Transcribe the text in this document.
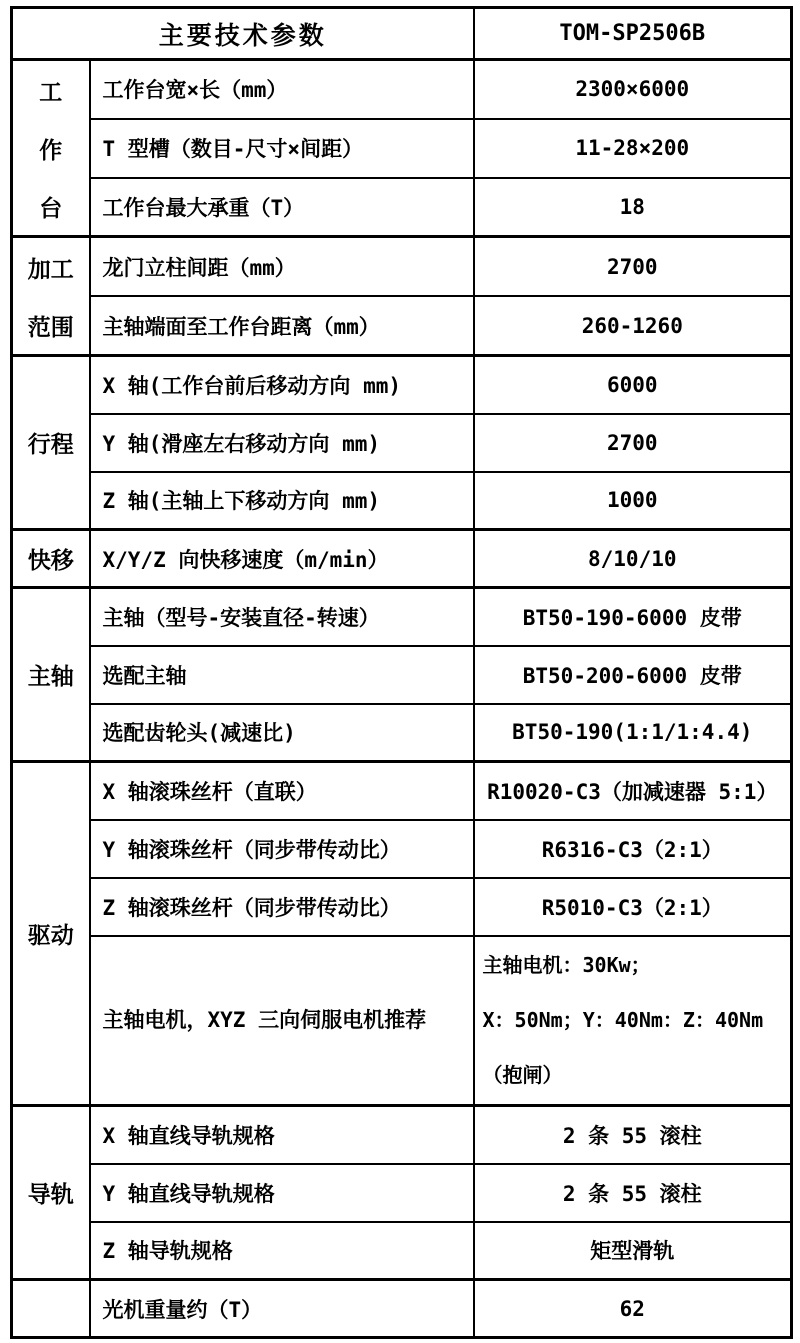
主要技术参数		TOM-SP2506B

工
作
台	工作台宽×长（mm）	2300×6000
	T 型槽（数目-尺寸×间距）	11-28×200
	工作台最大承重（T）	18

加工
范围	龙门立柱间距（mm）	2700
	主轴端面至工作台距离（mm）	260-1260
行程	X 轴(工作台前后移动方向 mm)	6000
	Y 轴(滑座左右移动方向 mm)	2700
	Z 轴(主轴上下移动方向 mm)	1000
快移	X/Y/Z 向快移速度（m/min）	8/10/10
主轴	主轴（型号-安装直径-转速）	BT50-190-6000 皮带
	选配主轴	BT50-200-6000 皮带
	选配齿轮头(减速比)	BT50-190(1:1/1:4.4)
驱动	X 轴滚珠丝杆（直联）	R10020-C3（加减速器 5:1）
	Y 轴滚珠丝杆（同步带传动比）	R6316-C3（2:1）
	Z 轴滚珠丝杆（同步带传动比）	R5010-C3（2:1）
	主轴电机，XYZ 三向伺服电机推荐	主轴电机：30Kw；
X：50Nm；Y：40Nm：Z：40Nm
（抱闸）

导轨	X 轴直线导轨规格	2 条 55 滚柱
	Y 轴直线导轨规格	2 条 55 滚柱
	Z 轴导轨规格	矩型滑轨
	光机重量约（T）	62
